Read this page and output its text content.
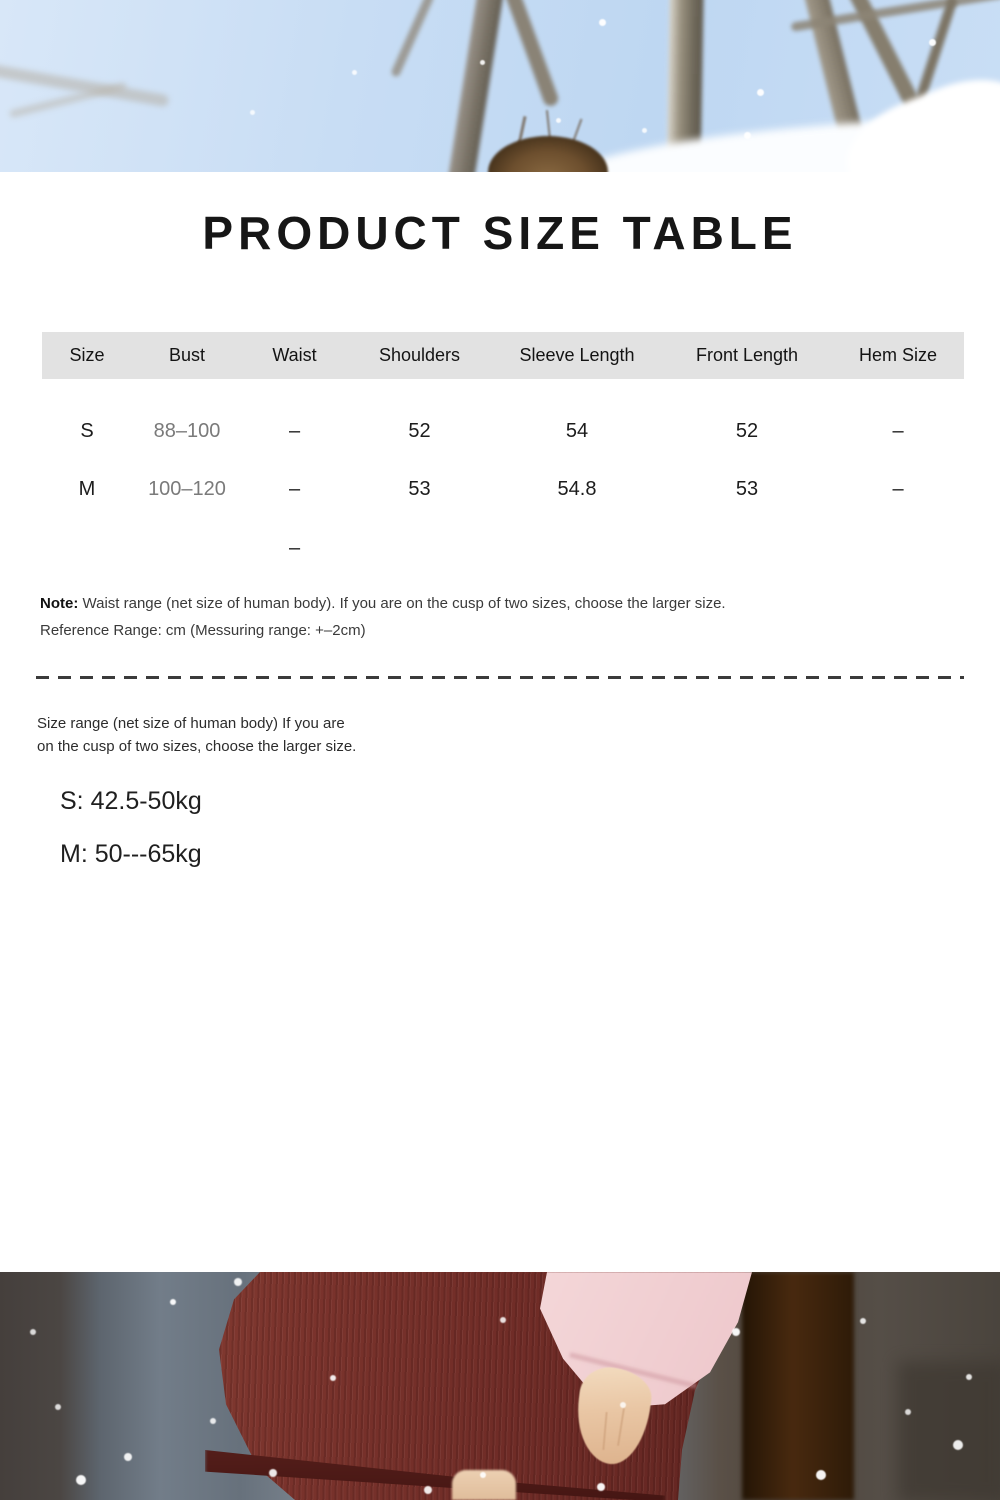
PRODUCT SIZE TABLE
Size	Bust	Waist	Shoulders	Sleeve Length	Front Length	Hem Size
S	88–100	–	52	54	52	–
M	100–120	–	53	54.8	53	–
–

Note: Waist range (net size of human body). If you are on the cusp of two sizes, choose the larger size.

Reference Range: cm (Messuring range: +–2cm)

Size range (net size of human body) If you are

on the cusp of two sizes, choose the larger size.

S: 42.5-50kg

M: 50---65kg
